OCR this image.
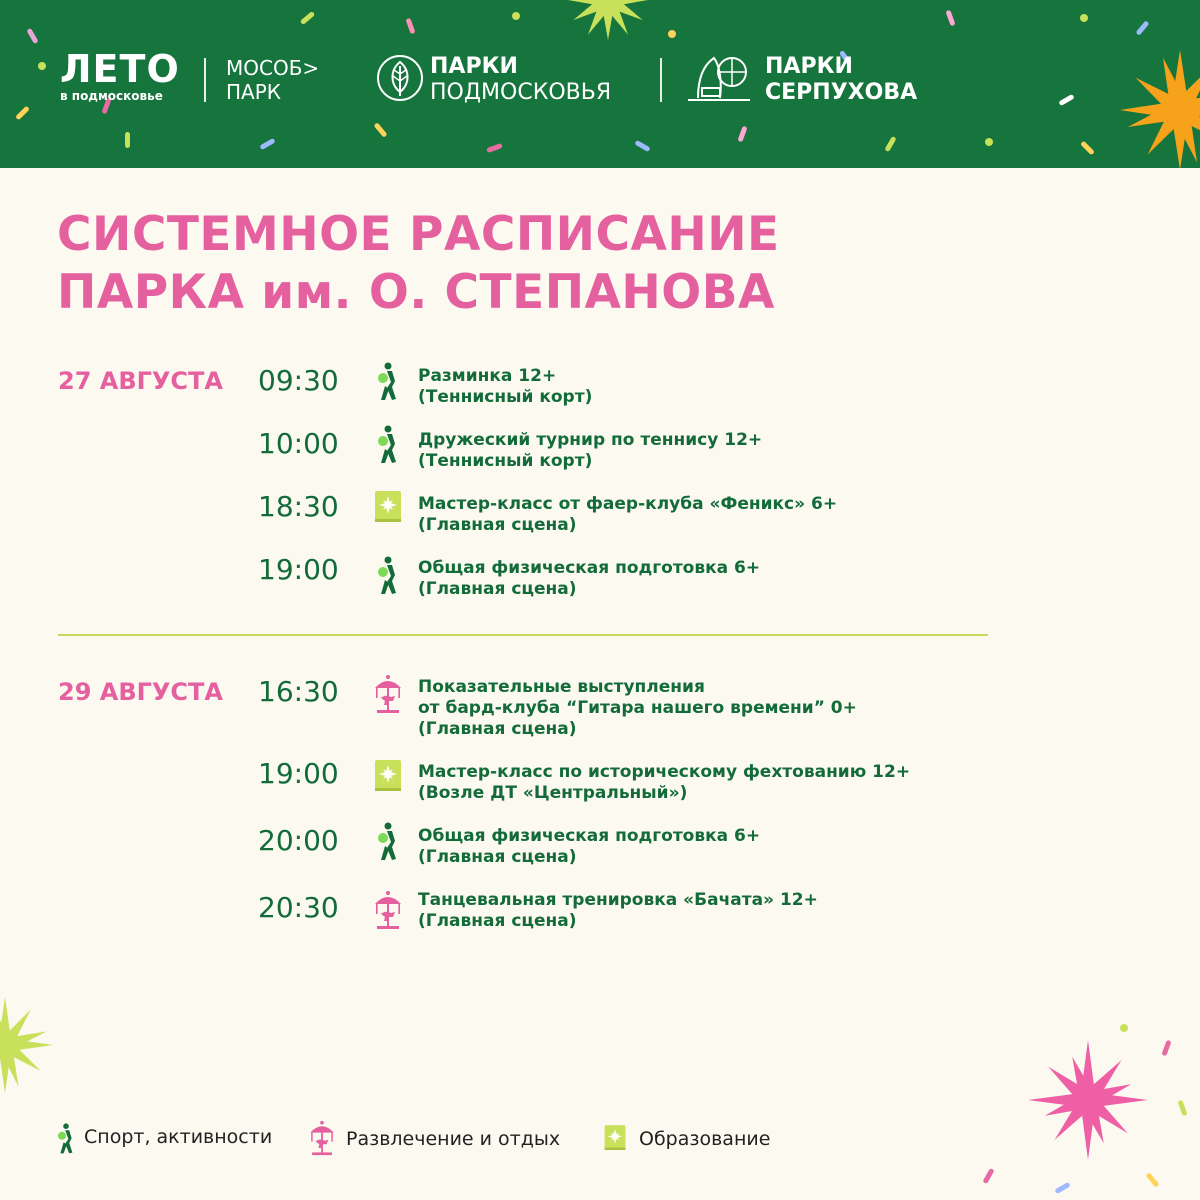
ЛЕТО
в подмосковье
МОСОБ>
ПАРК
ПАРКИ
ПОДМОСКОВЬЯ
ПАРКИ
СЕРПУХОВА
СИСТЕМНОЕ РАСПИСАНИЕ
ПАРКА им. О. СТЕПАНОВА
27 АВГУСТА 09:30	Разминка 12+
(Теннисный корт)
10:00	Дружеский турнир по теннису 12+
(Теннисный корт)
18:30	Мастер-класс от фаер-клуба «Феникс» 6+
(Главная сцена)
19:00	Общая физическая подготовка 6+
(Главная сцена)
29 АВГУСТА 16:30	Показательные выступления
от бард-клуба “Гитара нашего времени” 0+
(Главная сцена)
19:00	Мастер-класс по историческому фехтованию 12+
(Возле ДТ «Центральный»)
20:00	Общая физическая подготовка 6+
(Главная сцена)
20:30	Танцевальная тренировка «Бачата» 12+
(Главная сцена)
Спорт, активности	Развлечение и отдых	Образование
